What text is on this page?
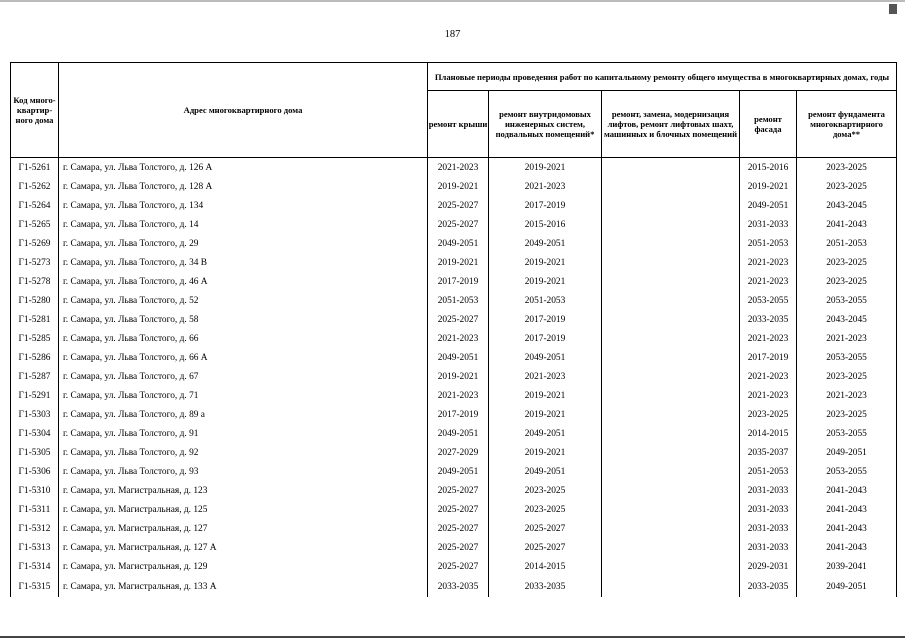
187
Код много-квартир-ного дома	Адрес многоквартирного дома	Плановые периоды проведения работ по капитальному ремонту общего имущества в многоквартирных домах, годы				
		ремонт крыши	ремонт внутридомовых инженерных систем, подвальных помещений*	ремонт, замена, модернизация лифтов, ремонт лифтовых шахт, машинных и блочных помещений	ремонт фасада	ремонт фундамента многоквартирного дома**
Г1-5261	г. Самара, ул. Льва Толстого, д. 126 А	2021-2023	2019-2021		2015-2016	2023-2025
Г1-5262	г. Самара, ул. Льва Толстого, д. 128 А	2019-2021	2021-2023		2019-2021	2023-2025
Г1-5264	г. Самара, ул. Льва Толстого, д. 134	2025-2027	2017-2019		2049-2051	2043-2045
Г1-5265	г. Самара, ул. Льва Толстого, д. 14	2025-2027	2015-2016		2031-2033	2041-2043
Г1-5269	г. Самара, ул. Льва Толстого, д. 29	2049-2051	2049-2051		2051-2053	2051-2053
Г1-5273	г. Самара, ул. Льва Толстого, д. 34 В	2019-2021	2019-2021		2021-2023	2023-2025
Г1-5278	г. Самара, ул. Льва Толстого, д. 46 А	2017-2019	2019-2021		2021-2023	2023-2025
Г1-5280	г. Самара, ул. Льва Толстого, д. 52	2051-2053	2051-2053		2053-2055	2053-2055
Г1-5281	г. Самара, ул. Льва Толстого, д. 58	2025-2027	2017-2019		2033-2035	2043-2045
Г1-5285	г. Самара, ул. Льва Толстого, д. 66	2021-2023	2017-2019		2021-2023	2021-2023
Г1-5286	г. Самара, ул. Льва Толстого, д. 66 А	2049-2051	2049-2051		2017-2019	2053-2055
Г1-5287	г. Самара, ул. Льва Толстого, д. 67	2019-2021	2021-2023		2021-2023	2023-2025
Г1-5291	г. Самара, ул. Льва Толстого, д. 71	2021-2023	2019-2021		2021-2023	2021-2023
Г1-5303	г. Самара, ул. Льва Толстого, д. 89 а	2017-2019	2019-2021		2023-2025	2023-2025
Г1-5304	г. Самара, ул. Льва Толстого, д. 91	2049-2051	2049-2051		2014-2015	2053-2055
Г1-5305	г. Самара, ул. Льва Толстого, д. 92	2027-2029	2019-2021		2035-2037	2049-2051
Г1-5306	г. Самара, ул. Льва Толстого, д. 93	2049-2051	2049-2051		2051-2053	2053-2055
Г1-5310	г. Самара, ул. Магистральная, д. 123	2025-2027	2023-2025		2031-2033	2041-2043
Г1-5311	г. Самара, ул. Магистральная, д. 125	2025-2027	2023-2025		2031-2033	2041-2043
Г1-5312	г. Самара, ул. Магистральная, д. 127	2025-2027	2025-2027		2031-2033	2041-2043
Г1-5313	г. Самара, ул. Магистральная, д. 127 А	2025-2027	2025-2027		2031-2033	2041-2043
Г1-5314	г. Самара, ул. Магистральная, д. 129	2025-2027	2014-2015		2029-2031	2039-2041
Г1-5315	г. Самара, ул. Магистральная, д. 133 А	2033-2035	2033-2035		2033-2035	2049-2051
